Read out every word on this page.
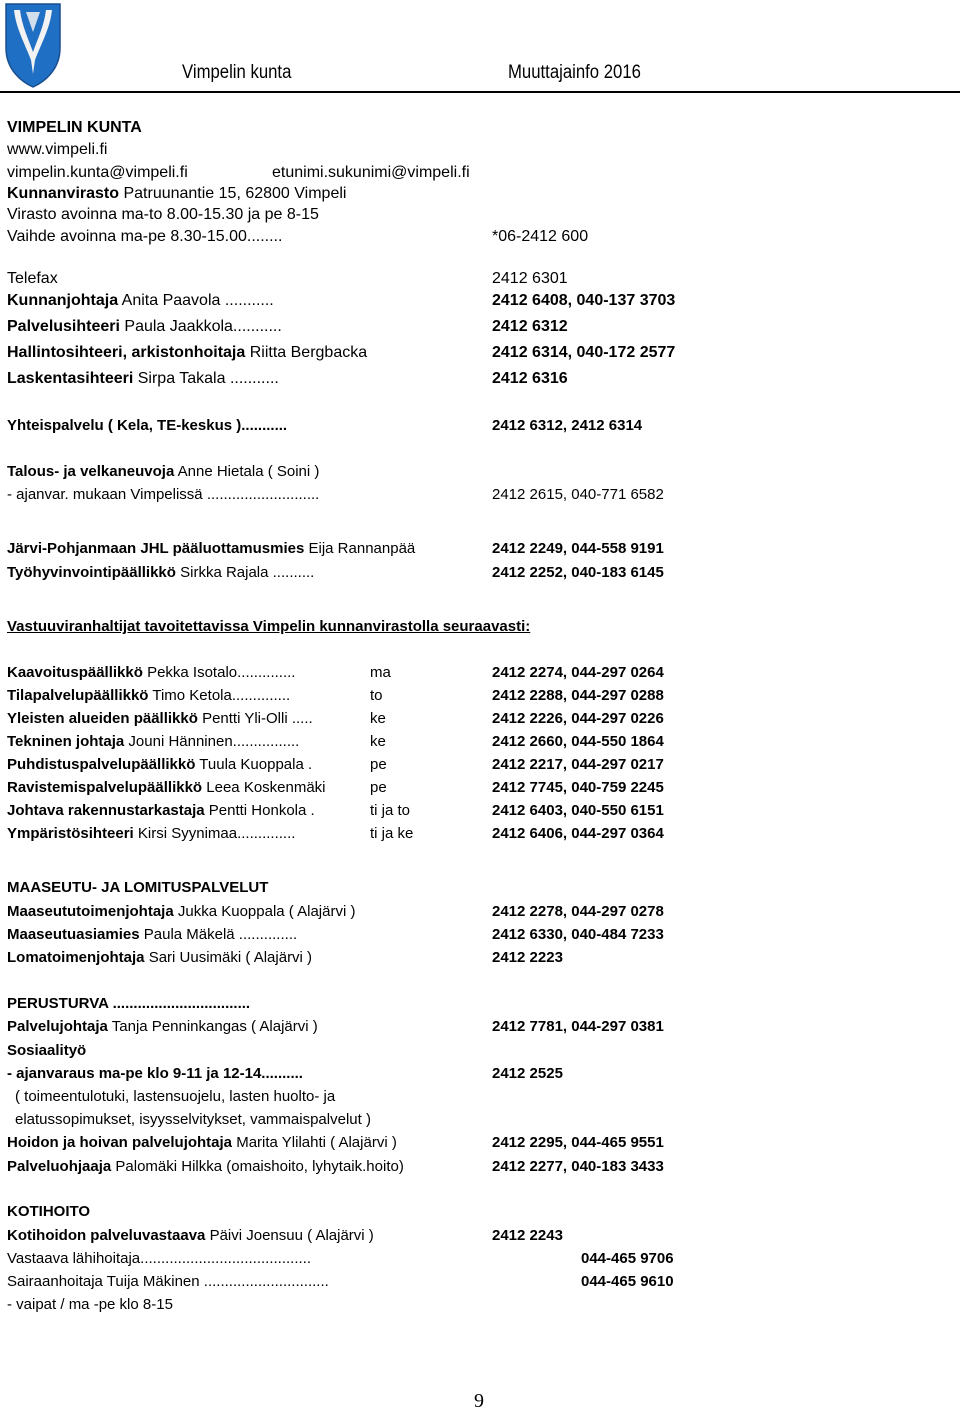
Vimpelin kunta	Muuttajainfo 2016
VIMPELIN KUNTA
www.vimpeli.fi
vimpelin.kunta@vimpeli.fi	etunimi.sukunimi@vimpeli.fi
Kunnanvirasto Patruunantie 15, 62800 Vimpeli
Virasto avoinna ma-to 8.00-15.30 ja pe 8-15
Vaihde avoinna ma-pe 8.30-15.00........	*06-2412 600
Telefax	2412 6301
Kunnanjohtaja Anita Paavola ...........	2412 6408, 040-137 3703
Palvelusihteeri Paula Jaakkola...........	2412 6312
Hallintosihteeri, arkistonhoitaja Riitta Bergbacka	2412 6314, 040-172 2577
Laskentasihteeri Sirpa Takala ...........	2412 6316
Yhteispalvelu ( Kela, TE-keskus )...........	2412 6312, 2412 6314
Talous- ja velkaneuvoja Anne Hietala ( Soini )
- ajanvar. mukaan Vimpelissä ...........................	2412 2615, 040-771 6582
Järvi-Pohjanmaan JHL pääluottamusmies Eija Rannanpää	2412 2249, 044-558 9191
Työhyvinvointipäällikkö Sirkka Rajala ..........	2412 2252, 040-183 6145
Vastuuviranhaltijat tavoitettavissa Vimpelin kunnanvirastolla seuraavasti:
Kaavoituspäällikkö Pekka Isotalo..............	ma	2412 2274, 044-297 0264
Tilapalvelupäällikkö Timo Ketola..............	to	2412 2288, 044-297 0288
Yleisten alueiden päällikkö Pentti Yli-Olli .....	ke	2412 2226, 044-297 0226
Tekninen johtaja Jouni Hänninen................	ke	2412 2660, 044-550 1864
Puhdistuspalvelupäällikkö Tuula Kuoppala .	pe	2412 2217, 044-297 0217
Ravistemispalvelupäällikkö Leea Koskenmäki	pe	2412 7745, 040-759 2245
Johtava rakennustarkastaja Pentti Honkola .	ti ja to	2412 6403, 040-550 6151
Ympäristösihteeri Kirsi Syynimaa..............	ti ja ke	2412 6406, 044-297 0364
MAASEUTU- JA LOMITUSPALVELUT
Maaseututoimenjohtaja Jukka Kuoppala ( Alajärvi )	2412 2278, 044-297 0278
Maaseutuasiamies Paula Mäkelä ..............	2412 6330, 040-484 7233
Lomatoimenjohtaja Sari Uusimäki ( Alajärvi )	2412 2223
PERUSTURVA .................................
Palvelujohtaja Tanja Penninkangas ( Alajärvi )	2412 7781, 044-297 0381
Sosiaalityö
- ajanvaraus ma-pe klo 9-11 ja 12-14..........	2412 2525
( toimeentulotuki, lastensuojelu, lasten huolto- ja
elatussopimukset, isyysselvitykset, vammaispalvelut )
Hoidon ja hoivan palvelujohtaja Marita Ylilahti ( Alajärvi )	2412 2295, 044-465 9551
Palveluohjaaja Palomäki Hilkka (omaishoito, lyhytaik.hoito)	2412 2277, 040-183 3433
KOTIHOITO
Kotihoidon palveluvastaava Päivi Joensuu ( Alajärvi )	2412 2243
Vastaava lähihoitaja.........................................	044-465 9706
Sairaanhoitaja Tuija Mäkinen ..............................	044-465 9610
- vaipat / ma -pe klo 8-15
9
